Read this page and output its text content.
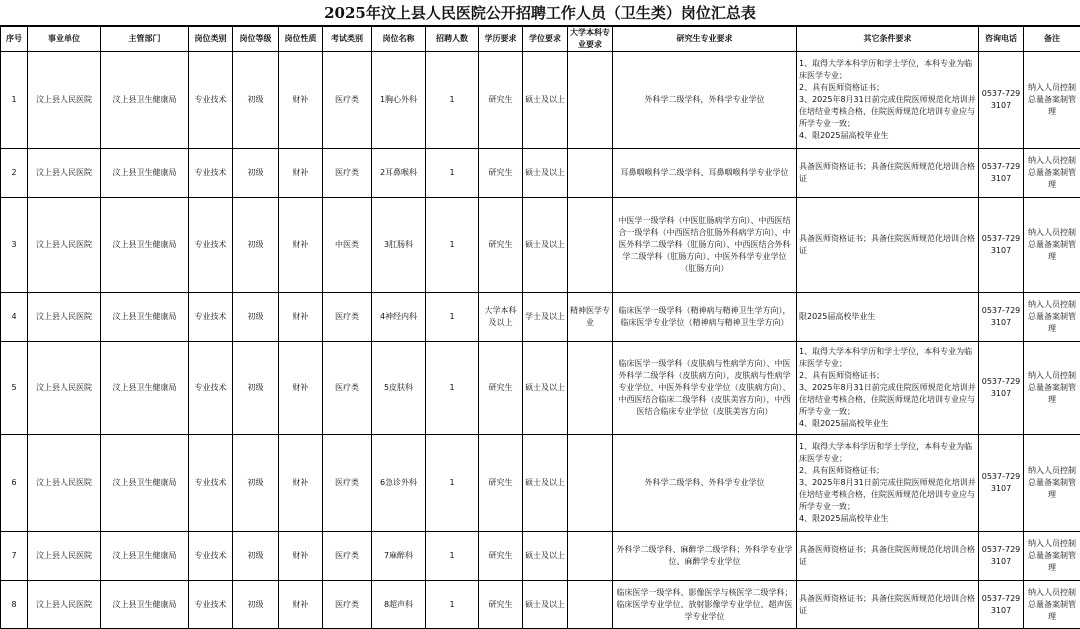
2025年汶上县人民医院公开招聘工作人员（卫生类）岗位汇总表
序号	事业单位	主管部门	岗位类别	岗位等级	岗位性质	考试类别	岗位名称	招聘人数	学历要求	学位要求	大学本科专业要求	研究生专业要求	其它条件要求	咨询电话	备注
1	汶上县人民医院	汶上县卫生健康局	专业技术	初级	财补	医疗类	1胸心外科	1	研究生	硕士及以上		外科学二级学科，外科学专业学位	1、取得大学本科学历和学士学位，本科专业为临床医学专业；
2、具有医师资格证书；
3、2025年8月31日前完成住院医师规范化培训并住培结业考核合格，住院医师规范化培训专业应与所学专业一致；
4、限2025届高校毕业生	0537-7293107	纳入人员控制总量备案制管理
2	汶上县人民医院	汶上县卫生健康局	专业技术	初级	财补	医疗类	2耳鼻喉科	1	研究生	硕士及以上		耳鼻咽喉科学二级学科、耳鼻咽喉科学专业学位	具备医师资格证书；具备住院医师规范化培训合格证	0537-7293107	纳入人员控制总量备案制管理
3	汶上县人民医院	汶上县卫生健康局	专业技术	初级	财补	中医类	3肛肠科	1	研究生	硕士及以上		中医学一级学科（中医肛肠病学方向）、中西医结合一级学科（中西医结合肛肠外科病学方向）、中医外科学二级学科（肛肠方向）、中西医结合外科学二级学科（肛肠方向）、中医外科学专业学位（肛肠方向）	具备医师资格证书；具备住院医师规范化培训合格证	0537-7293107	纳入人员控制总量备案制管理
4	汶上县人民医院	汶上县卫生健康局	专业技术	初级	财补	医疗类	4神经内科	1	大学本科及以上	学士及以上	精神医学专业	临床医学一级学科（精神病与精神卫生学方向），临床医学专业学位（精神病与精神卫生学方向）	限2025届高校毕业生	0537-7293107	纳入人员控制总量备案制管理
5	汶上县人民医院	汶上县卫生健康局	专业技术	初级	财补	医疗类	5皮肤科	1	研究生	硕士及以上		临床医学一级学科（皮肤病与性病学方向）、中医外科学二级学科（皮肤病方向），皮肤病与性病学专业学位、中医外科学专业学位（皮肤病方向）、中西医结合临床二级学科（皮肤美容方向），中西医结合临床专业学位（皮肤美容方向）	1、取得大学本科学历和学士学位，本科专业为临床医学专业；
2、具有医师资格证书；
3、2025年8月31日前完成住院医师规范化培训并住培结业考核合格，住院医师规范化培训专业应与所学专业一致；
4、限2025届高校毕业生	0537-7293107	纳入人员控制总量备案制管理
6	汶上县人民医院	汶上县卫生健康局	专业技术	初级	财补	医疗类	6急诊外科	1	研究生	硕士及以上		外科学二级学科、外科学专业学位	1、取得大学本科学历和学士学位，本科专业为临床医学专业；
2、具有医师资格证书；
3、2025年8月31日前完成住院医师规范化培训并住培结业考核合格，住院医师规范化培训专业应与所学专业一致；
4、限2025届高校毕业生	0537-7293107	纳入人员控制总量备案制管理
7	汶上县人民医院	汶上县卫生健康局	专业技术	初级	财补	医疗类	7麻醉科	1	研究生	硕士及以上		外科学二级学科、麻醉学二级学科；外科学专业学位、麻醉学专业学位	具备医师资格证书；具备住院医师规范化培训合格证	0537-7293107	纳入人员控制总量备案制管理
8	汶上县人民医院	汶上县卫生健康局	专业技术	初级	财补	医疗类	8超声科	1	研究生	硕士及以上		临床医学一级学科、影像医学与核医学二级学科；临床医学专业学位、放射影像学专业学位、超声医学专业学位	具备医师资格证书；具备住院医师规范化培训合格证	0537-7293107	纳入人员控制总量备案制管理
